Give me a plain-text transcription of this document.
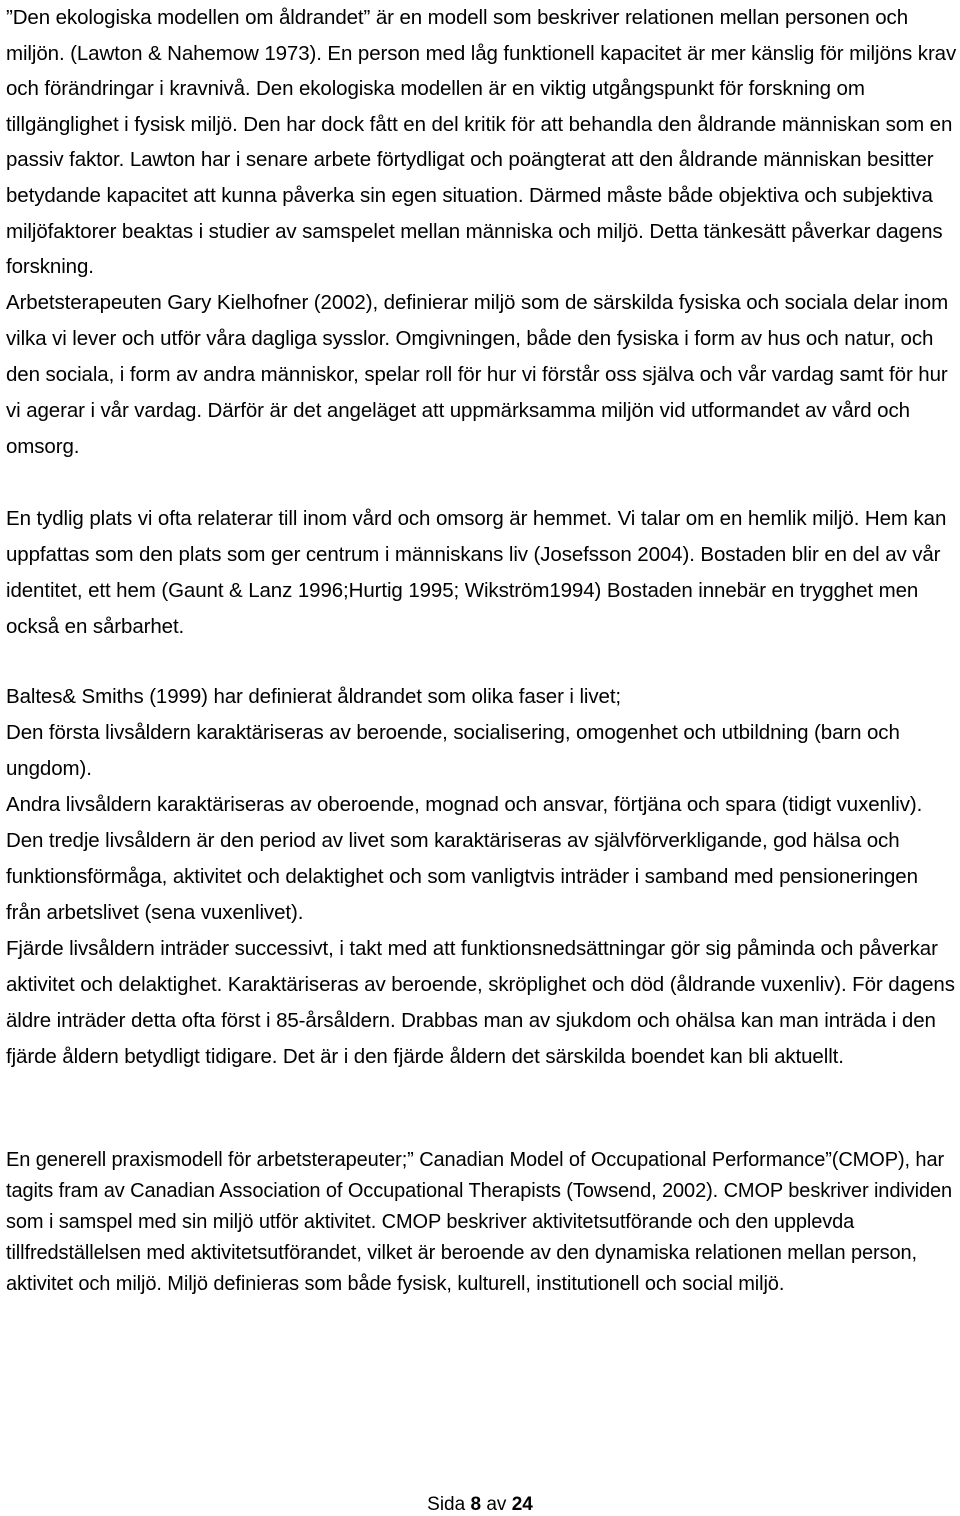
”Den ekologiska modellen om åldrandet” är en modell som beskriver relationen mellan personen och miljön. (Lawton & Nahemow 1973). En person med låg funktionell kapacitet är mer känslig för miljöns krav och förändringar i kravnivå. Den ekologiska modellen är en viktig utgångspunkt för forskning om tillgänglighet i fysisk miljö. Den har dock fått en del kritik för att behandla den åldrande människan som en passiv faktor. Lawton har i senare arbete förtydligat och poängterat att den åldrande människan besitter betydande kapacitet att kunna påverka sin egen situation. Därmed måste både objektiva och subjektiva miljöfaktorer beaktas i studier av samspelet mellan människa och miljö. Detta tänkesätt påverkar dagens forskning.

Arbetsterapeuten Gary Kielhofner (2002), definierar miljö som de särskilda fysiska och sociala delar inom vilka vi lever och utför våra dagliga sysslor. Omgivningen, både den fysiska i form av hus och natur, och den sociala, i form av andra människor, spelar roll för hur vi förstår oss själva och vår vardag samt för hur vi agerar i vår vardag. Därför är det angeläget att uppmärksamma miljön vid utformandet av vård och omsorg.

En tydlig plats vi ofta relaterar till inom vård och omsorg är hemmet. Vi talar om en hemlik miljö. Hem kan uppfattas som den plats som ger centrum i människans liv (Josefsson 2004). Bostaden blir en del av vår identitet, ett hem (Gaunt & Lanz 1996;Hurtig 1995; Wikström1994) Bostaden innebär en trygghet men också en sårbarhet.

Baltes& Smiths (1999) har definierat åldrandet som olika faser i livet;

Den första livsåldern karaktäriseras av beroende, socialisering, omogenhet och utbildning (barn och ungdom).

Andra livsåldern karaktäriseras av oberoende, mognad och ansvar, förtjäna och spara (tidigt vuxenliv).

Den tredje livsåldern är den period av livet som karaktäriseras av självförverkligande, god hälsa och funktionsförmåga, aktivitet och delaktighet och som vanligtvis inträder i samband med pensioneringen från arbetslivet (sena vuxenlivet).

Fjärde livsåldern inträder successivt, i takt med att funktionsnedsättningar gör sig påminda och påverkar aktivitet och delaktighet. Karaktäriseras av beroende, skröplighet och död (åldrande vuxenliv). För dagens äldre inträder detta ofta först i 85-årsåldern. Drabbas man av sjukdom och ohälsa kan man inträda i den fjärde åldern betydligt tidigare. Det är i den fjärde åldern det särskilda boendet kan bli aktuellt.

En generell praxismodell för arbetsterapeuter;” Canadian Model of Occupational Performance”(CMOP), har tagits fram av Canadian Association of Occupational Therapists (Towsend, 2002). CMOP beskriver individen som i samspel med sin miljö utför aktivitet. CMOP beskriver aktivitetsutförande och den upplevda tillfredställelsen med aktivitetsutförandet, vilket är beroende av den dynamiska relationen mellan person, aktivitet och miljö. Miljö definieras som både fysisk, kulturell, institutionell och social miljö.

Sida 8 av 24
